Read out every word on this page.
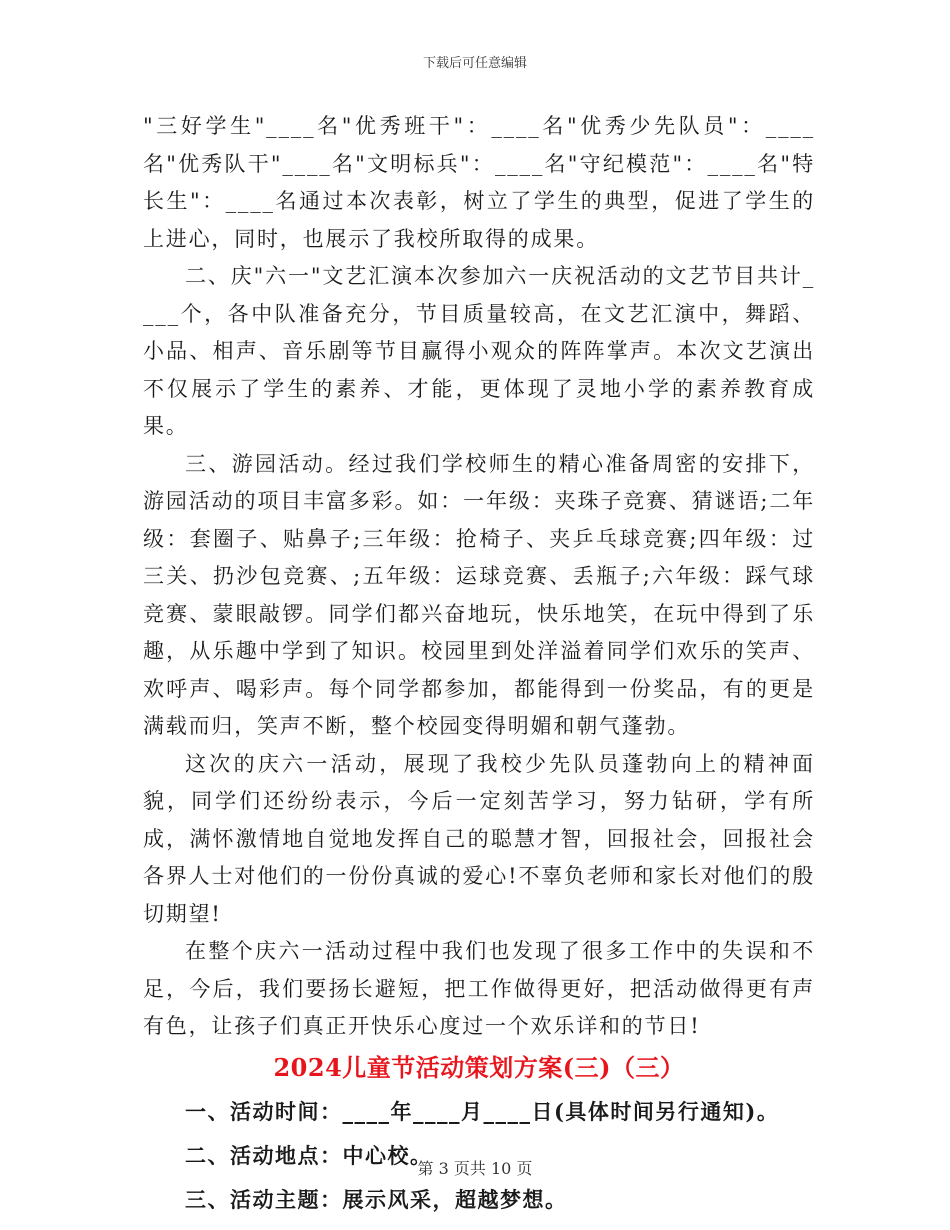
下载后可任意编辑

"三好学生"____名"优秀班干"：____名"优秀少先队员"：____名"优秀队干"____名"文明标兵"：____名"守纪模范"：____名"特长生"：____名通过本次表彰，树立了学生的典型，促进了学生的上进心，同时，也展示了我校所取得的成果。

二、庆"六一"文艺汇演本次参加六一庆祝活动的文艺节目共计____个，各中队准备充分，节目质量较高，在文艺汇演中，舞蹈、小品、相声、音乐剧等节目赢得小观众的阵阵掌声。本次文艺演出不仅展示了学生的素养、才能，更体现了灵地小学的素养教育成果。

三、游园活动。经过我们学校师生的精心准备周密的安排下，游园活动的项目丰富多彩。如：一年级：夹珠子竞赛、猜谜语;二年级：套圈子、贴鼻子;三年级：抢椅子、夹乒乓球竞赛;四年级：过三关、扔沙包竞赛、;五年级：运球竞赛、丢瓶子;六年级：踩气球竞赛、蒙眼敲锣。同学们都兴奋地玩，快乐地笑，在玩中得到了乐趣，从乐趣中学到了知识。校园里到处洋溢着同学们欢乐的笑声、欢呼声、喝彩声。每个同学都参加，都能得到一份奖品，有的更是满载而归，笑声不断，整个校园变得明媚和朝气蓬勃。

这次的庆六一活动，展现了我校少先队员蓬勃向上的精神面貌，同学们还纷纷表示，今后一定刻苦学习，努力钻研，学有所成，满怀激情地自觉地发挥自己的聪慧才智，回报社会，回报社会各界人士对他们的一份份真诚的爱心!不辜负老师和家长对他们的殷切期望!

在整个庆六一活动过程中我们也发现了很多工作中的失误和不足，今后，我们要扬长避短，把工作做得更好，把活动做得更有声有色，让孩子们真正开快乐心度过一个欢乐详和的节日!

2024儿童节活动策划方案(三)（三）

一、活动时间：____年____月____日(具体时间另行通知)。

二、活动地点：中心校。

三、活动主题：展示风采，超越梦想。

第 3 页共 10 页
